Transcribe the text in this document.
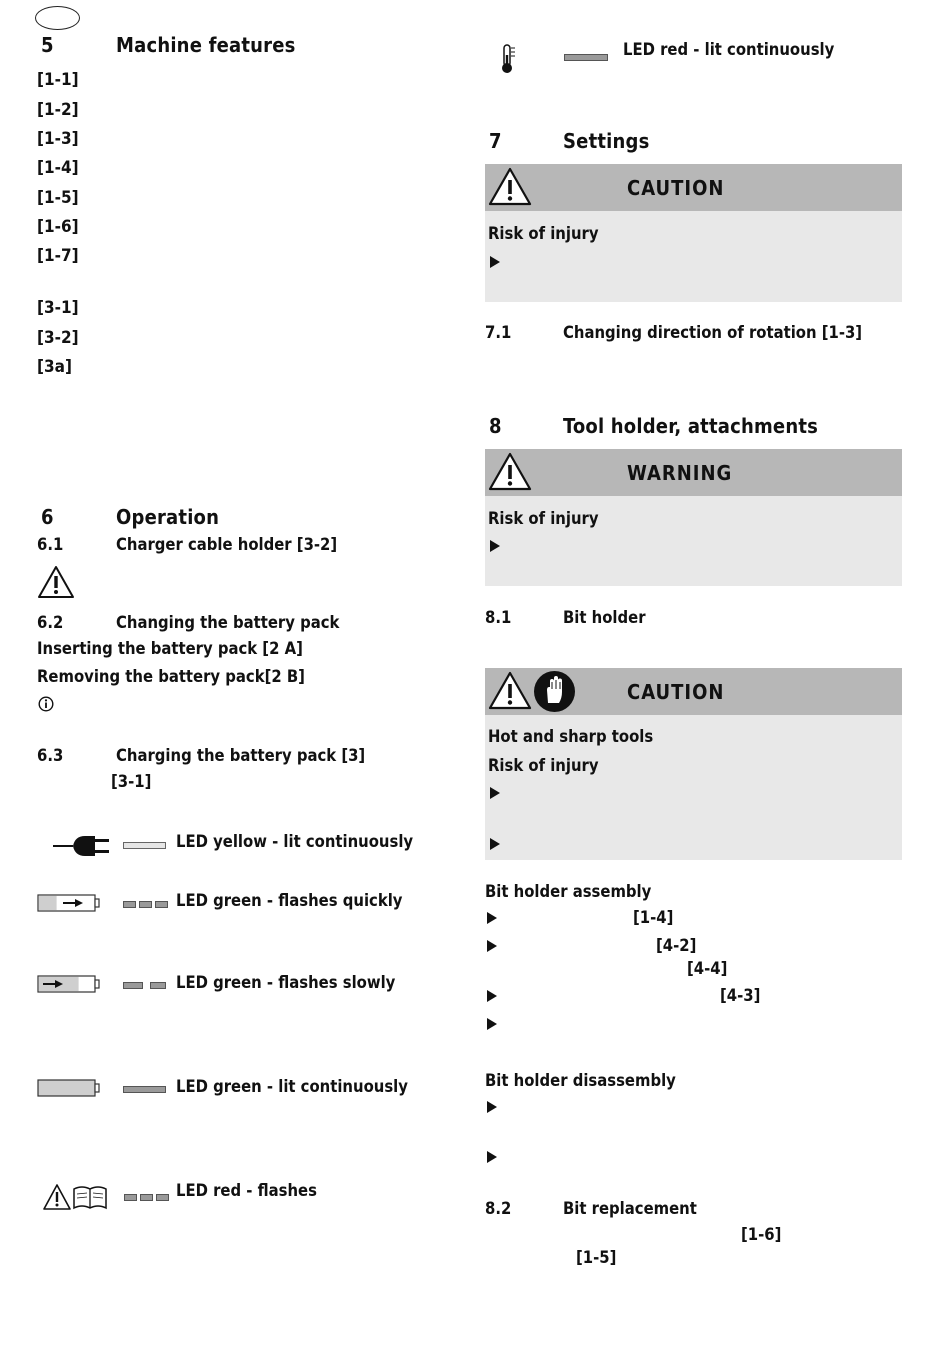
5	Machine features
[1-1]
[1-2]
[1-3]
[1-4]
[1-5]
[1-6]
[1-7]
[3-1]
[3-2]
[3a]
6	Operation
6.1	Charger cable holder [3-2]
6.2	Changing the battery pack
Inserting the battery pack [2 A]
Removing the battery pack[2 B]
6.3	Charging the battery pack [3]
[3-1]
LED yellow - lit continuously
LED green - flashes quickly
LED green - flashes slowly
LED green - lit continuously
LED red - flashes
LED red - lit continuously
7	Settings
CAUTION
Risk of injury
7.1	Changing direction of rotation [1-3]
8	Tool holder, attachments
WARNING
Risk of injury
8.1	Bit holder
CAUTION
Hot and sharp tools
Risk of injury
Bit holder assembly
[1-4]
[4-2]
[4-4]
[4-3]
Bit holder disassembly
8.2	Bit replacement
[1-6]
[1-5]
